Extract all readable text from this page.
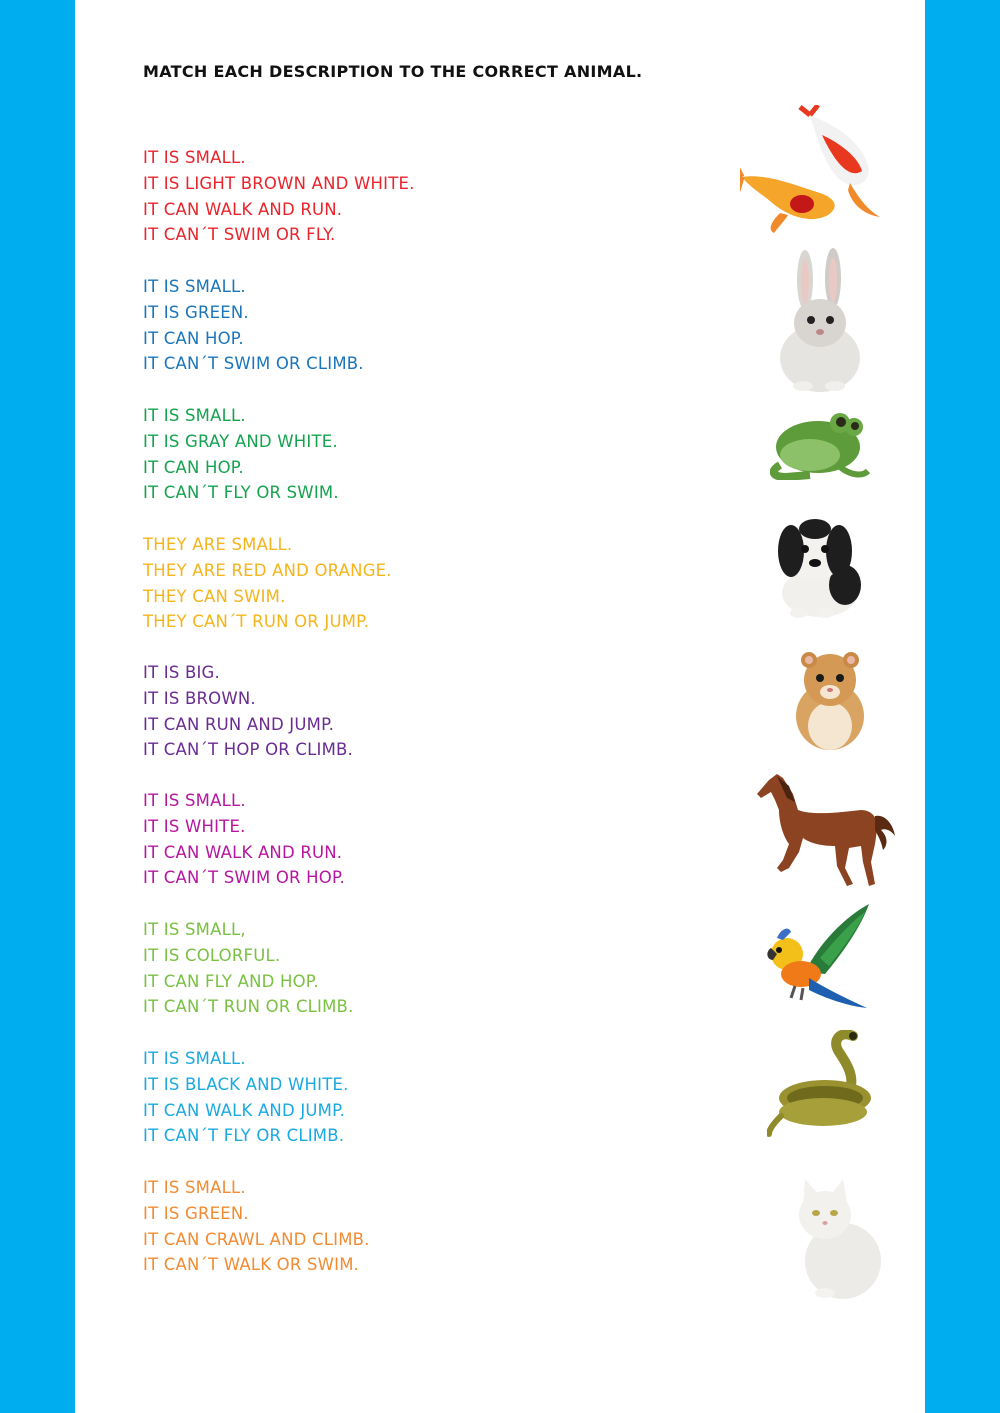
MATCH EACH DESCRIPTION TO THE CORRECT ANIMAL.
IT IS SMALL.
IT IS LIGHT BROWN AND WHITE.
IT CAN WALK AND RUN.
IT CAN´T SWIM OR FLY.
IT IS SMALL.
IT IS GREEN.
IT CAN HOP.
IT CAN´T SWIM OR CLIMB.
IT IS SMALL.
IT IS GRAY AND WHITE.
IT CAN HOP.
IT CAN´T FLY OR SWIM.
THEY ARE SMALL.
THEY ARE RED AND ORANGE.
THEY CAN SWIM.
THEY CAN´T RUN OR JUMP.
IT IS BIG.
IT IS BROWN.
IT CAN RUN AND JUMP.
IT CAN´T HOP OR CLIMB.
IT IS SMALL.
IT IS WHITE.
IT CAN WALK AND RUN.
IT CAN´T SWIM OR HOP.
IT IS SMALL,
IT IS COLORFUL.
IT CAN FLY AND HOP.
IT CAN´T RUN OR CLIMB.
IT IS SMALL.
IT IS BLACK AND WHITE.
IT CAN WALK AND JUMP.
IT CAN´T FLY OR CLIMB.
IT IS SMALL.
IT IS GREEN.
IT CAN CRAWL AND CLIMB.
IT CAN´T WALK OR SWIM.
